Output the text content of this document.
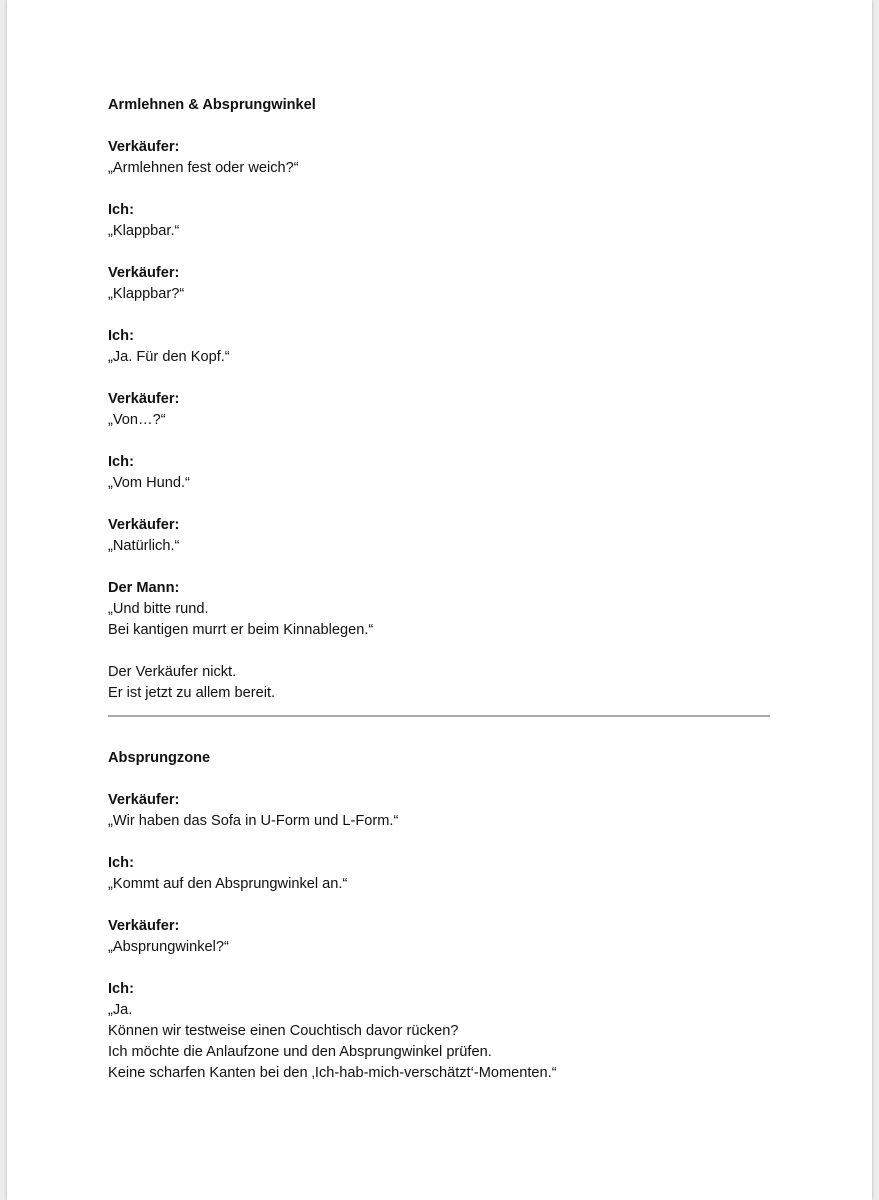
Armlehnen & Absprungwinkel

Verkäufer:

„Armlehnen fest oder weich?“

Ich:

„Klappbar.“

Verkäufer:

„Klappbar?“

Ich:

„Ja. Für den Kopf.“

Verkäufer:

„Von…?“

Ich:

„Vom Hund.“

Verkäufer:

„Natürlich.“

Der Mann:

„Und bitte rund.

Bei kantigen murrt er beim Kinnablegen.“

Der Verkäufer nickt.

Er ist jetzt zu allem bereit.

Absprungzone

Verkäufer:

„Wir haben das Sofa in U-Form und L-Form.“

Ich:

„Kommt auf den Absprungwinkel an.“

Verkäufer:

„Absprungwinkel?“

Ich:

„Ja.

Können wir testweise einen Couchtisch davor rücken?

Ich möchte die Anlaufzone und den Absprungwinkel prüfen.

Keine scharfen Kanten bei den ‚Ich-hab-mich-verschätzt‘-Momenten.“
